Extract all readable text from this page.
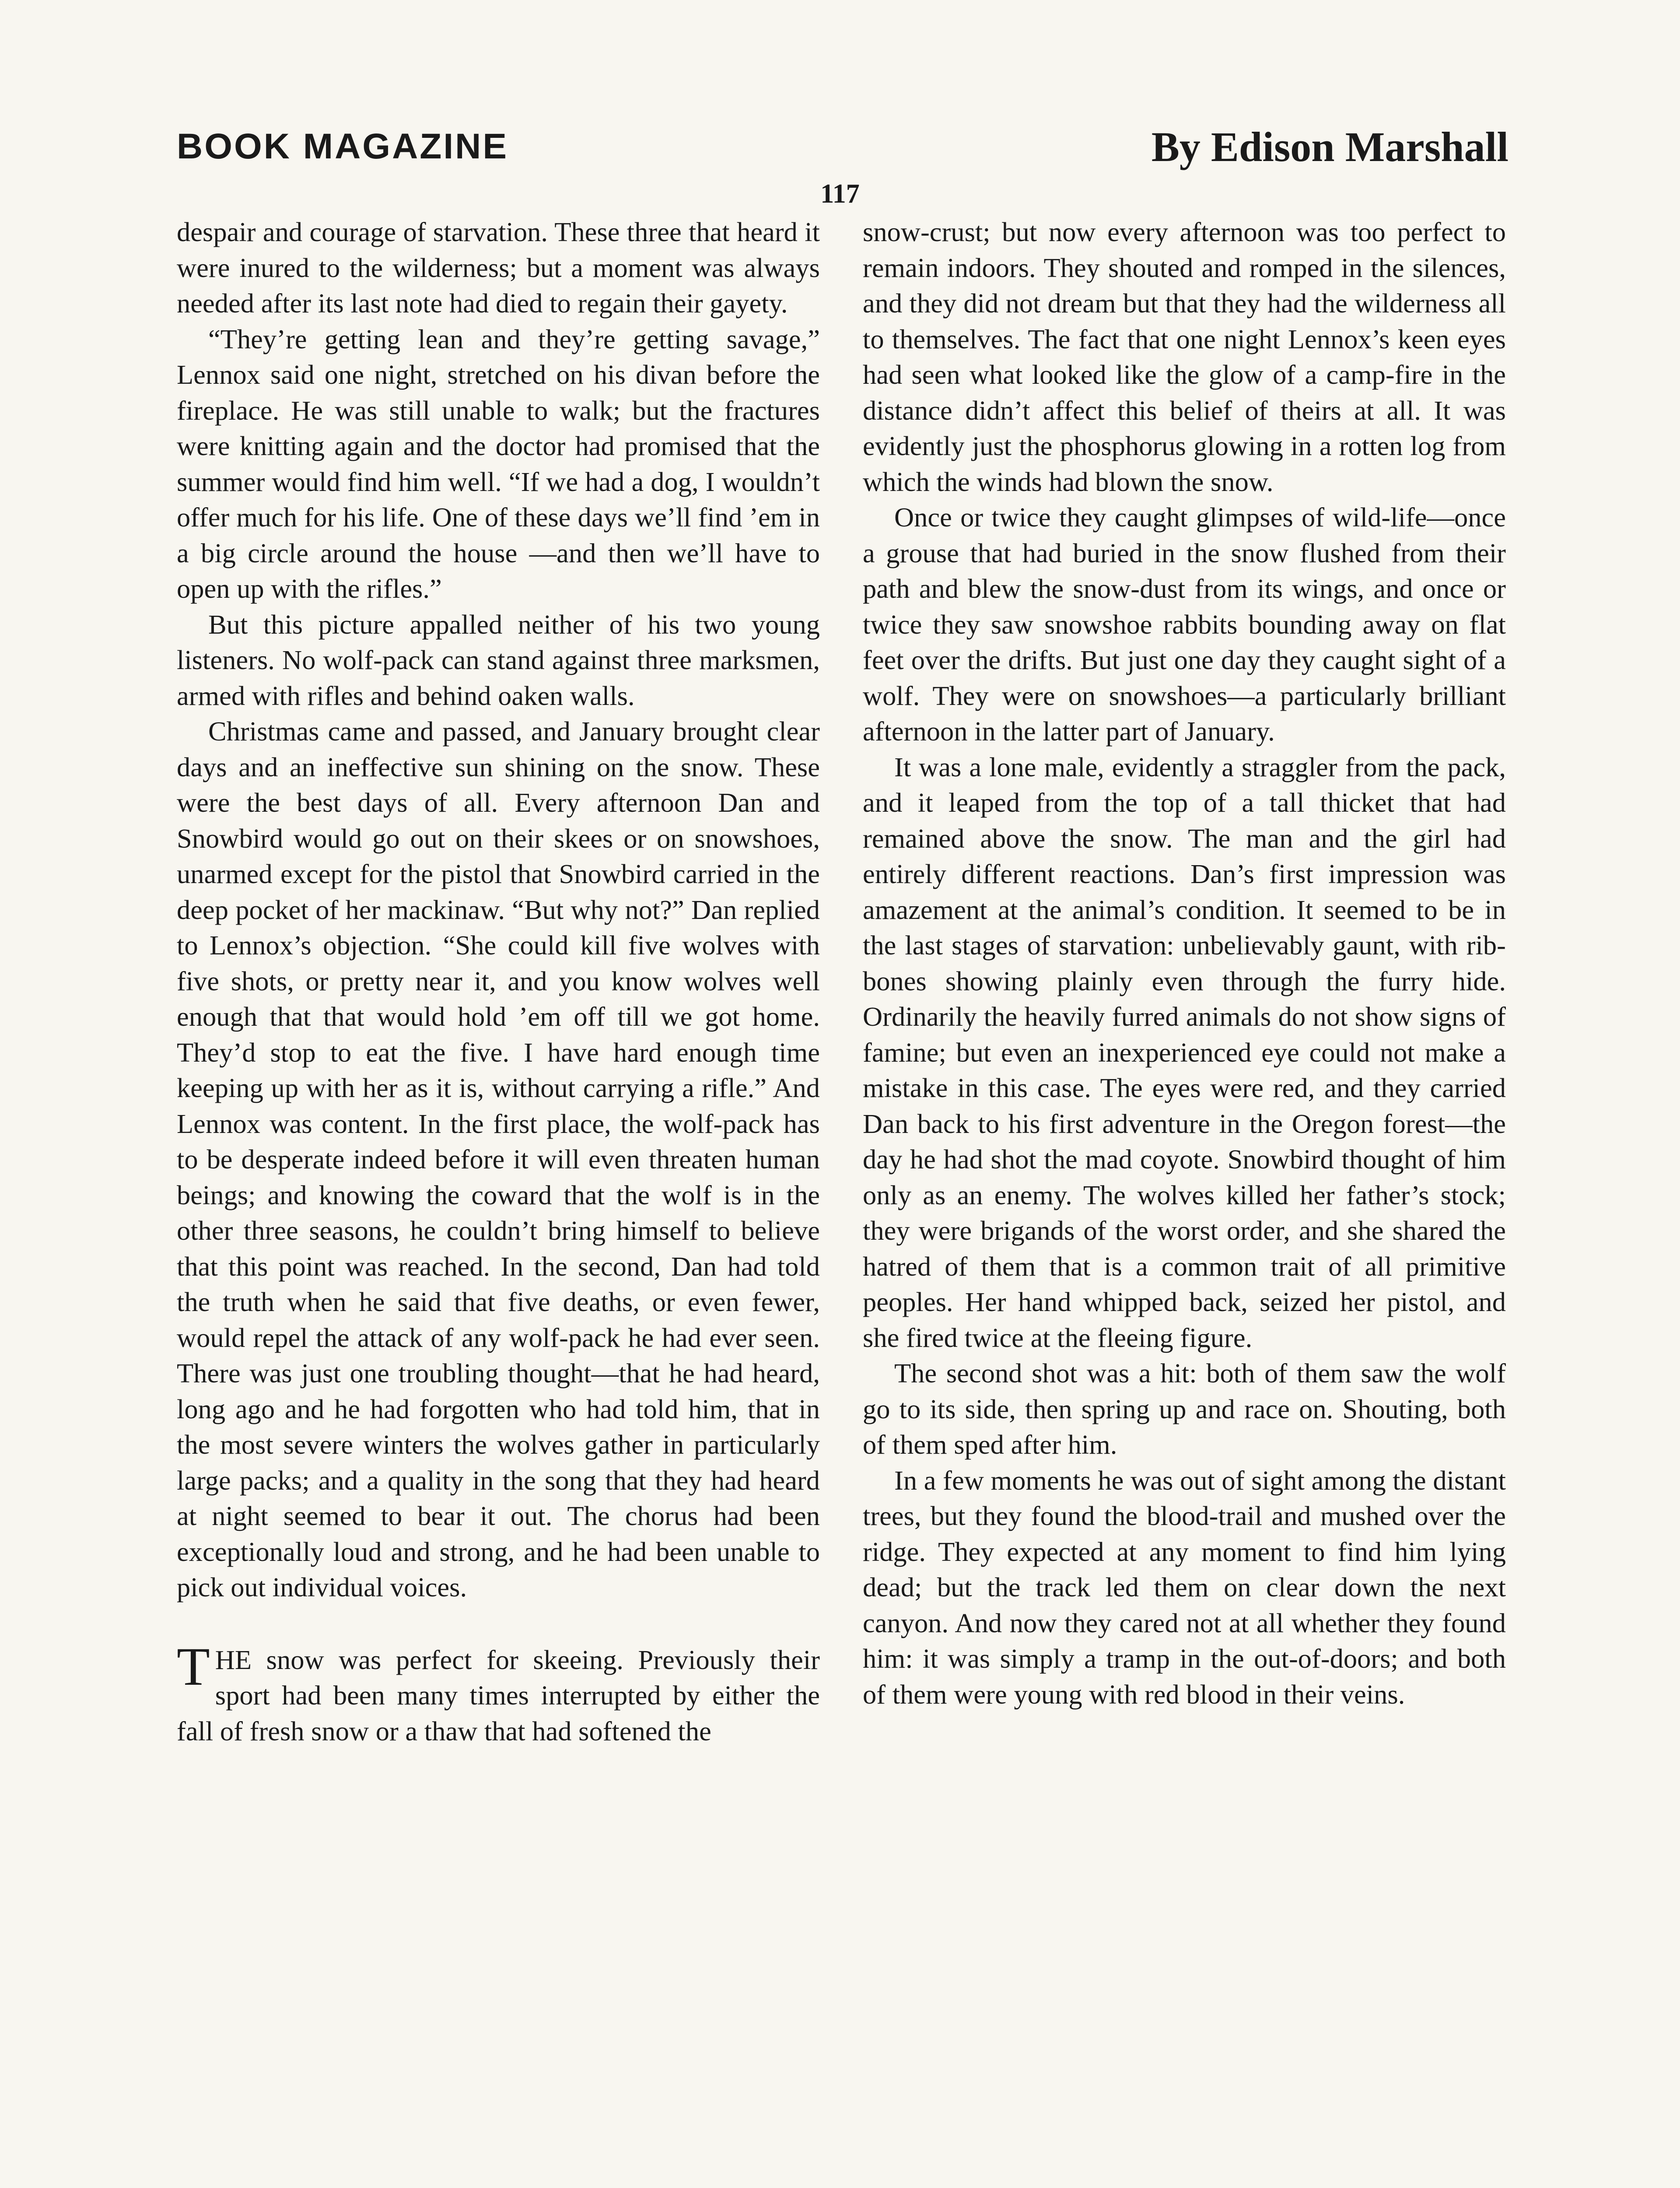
BOOK MAGAZINE	By Edison Marshall
117

despair and courage of starvation. These three that heard it were inured to the wilderness; but a moment was always needed after its last note had died to regain their gayety.

“They’re getting lean and they’re getting savage,” Lennox said one night, stretched on his divan before the fireplace. He was still unable to walk; but the fractures were knitting again and the doctor had promised that the summer would find him well. “If we had a dog, I wouldn’t offer much for his life. One of these days we’ll find ’em in a big circle around the house —and then we’ll have to open up with the rifles.”

But this picture appalled neither of his two young listeners. No wolf-pack can stand against three marksmen, armed with rifles and behind oaken walls.

Christmas came and passed, and January brought clear days and an ineffective sun shining on the snow. These were the best days of all. Every afternoon Dan and Snowbird would go out on their skees or on snowshoes, unarmed except for the pistol that Snowbird carried in the deep pocket of her mackinaw. “But why not?” Dan replied to Lennox’s objection. “She could kill five wolves with five shots, or pretty near it, and you know wolves well enough that that would hold ’em off till we got home. They’d stop to eat the five. I have hard enough time keeping up with her as it is, without carrying a rifle.” And Lennox was content. In the first place, the wolf-pack has to be desperate indeed before it will even threaten human beings; and knowing the coward that the wolf is in the other three seasons, he couldn’t bring himself to believe that this point was reached. In the second, Dan had told the truth when he said that five deaths, or even fewer, would repel the attack of any wolf-pack he had ever seen. There was just one troubling thought—that he had heard, long ago and he had forgotten who had told him, that in the most severe winters the wolves gather in particularly large packs; and a quality in the song that they had heard at night seemed to bear it out. The chorus had been exceptionally loud and strong, and he had been unable to pick out individual voices.

THE snow was perfect for skeeing. Previously their sport had been many times interrupted by either the fall of fresh snow or a thaw that had softened the

snow-crust; but now every afternoon was too perfect to remain indoors. They shouted and romped in the silences, and they did not dream but that they had the wilderness all to themselves. The fact that one night Lennox’s keen eyes had seen what looked like the glow of a camp-fire in the distance didn’t affect this belief of theirs at all. It was evidently just the phosphorus glowing in a rotten log from which the winds had blown the snow.

Once or twice they caught glimpses of wild-life—once a grouse that had buried in the snow flushed from their path and blew the snow-dust from its wings, and once or twice they saw snowshoe rabbits bounding away on flat feet over the drifts. But just one day they caught sight of a wolf. They were on snowshoes—a particularly brilliant afternoon in the latter part of January.

It was a lone male, evidently a straggler from the pack, and it leaped from the top of a tall thicket that had remained above the snow. The man and the girl had entirely different reactions. Dan’s first impression was amazement at the animal’s condition. It seemed to be in the last stages of starvation: unbelievably gaunt, with rib-bones showing plainly even through the furry hide. Ordinarily the heavily furred animals do not show signs of famine; but even an inexperienced eye could not make a mistake in this case. The eyes were red, and they carried Dan back to his first adventure in the Oregon forest—the day he had shot the mad coyote. Snowbird thought of him only as an enemy. The wolves killed her father’s stock; they were brigands of the worst order, and she shared the hatred of them that is a common trait of all primitive peoples. Her hand whipped back, seized her pistol, and she fired twice at the fleeing figure.

The second shot was a hit: both of them saw the wolf go to its side, then spring up and race on. Shouting, both of them sped after him.

In a few moments he was out of sight among the distant trees, but they found the blood-trail and mushed over the ridge. They expected at any moment to find him lying dead; but the track led them on clear down the next canyon. And now they cared not at all whether they found him: it was simply a tramp in the out-of-doors; and both of them were young with red blood in their veins.
